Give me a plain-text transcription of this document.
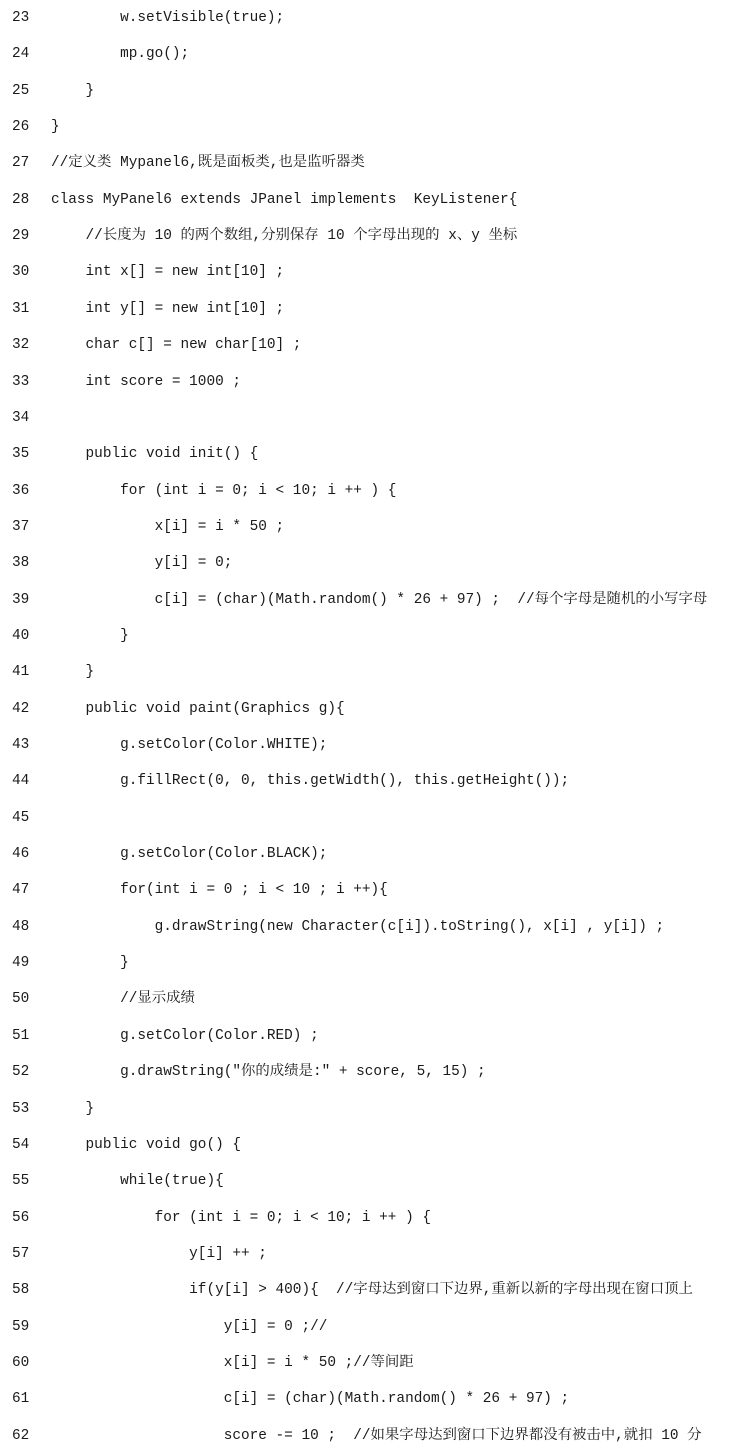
23	w.setVisible(true);
24	mp.go();
25	}
26	}
27	//定义类 Mypanel6,既是面板类,也是监听器类
28	class MyPanel6 extends JPanel implements  KeyListener{
29	//长度为 10 的两个数组,分别保存 10 个字母出现的 x、y 坐标
30	int x[] = new int[10] ;
31	int y[] = new int[10] ;
32	char c[] = new char[10] ;
33	int score = 1000 ;
34
35	public void init() {
36	for (int i = 0; i < 10; i ++ ) {
37	x[i] = i * 50 ;
38	y[i] = 0;
39	c[i] = (char)(Math.random() * 26 + 97) ;  //每个字母是随机的小写字母
40	}
41	}
42	public void paint(Graphics g){
43	g.setColor(Color.WHITE);
44	g.fillRect(0, 0, this.getWidth(), this.getHeight());
45
46	g.setColor(Color.BLACK);
47	for(int i = 0 ; i < 10 ; i ++){
48	g.drawString(new Character(c[i]).toString(), x[i] , y[i]) ;
49	}
50	//显示成绩
51	g.setColor(Color.RED) ;
52	g.drawString("你的成绩是:" + score, 5, 15) ;
53	}
54	public void go() {
55	while(true){
56	for (int i = 0; i < 10; i ++ ) {
57	y[i] ++ ;
58	if(y[i] > 400){  //字母达到窗口下边界,重新以新的字母出现在窗口顶上
59	y[i] = 0 ;//
60	x[i] = i * 50 ;//等间距
61	c[i] = (char)(Math.random() * 26 + 97) ;
62	score -= 10 ;  //如果字母达到窗口下边界都没有被击中,就扣 10 分
